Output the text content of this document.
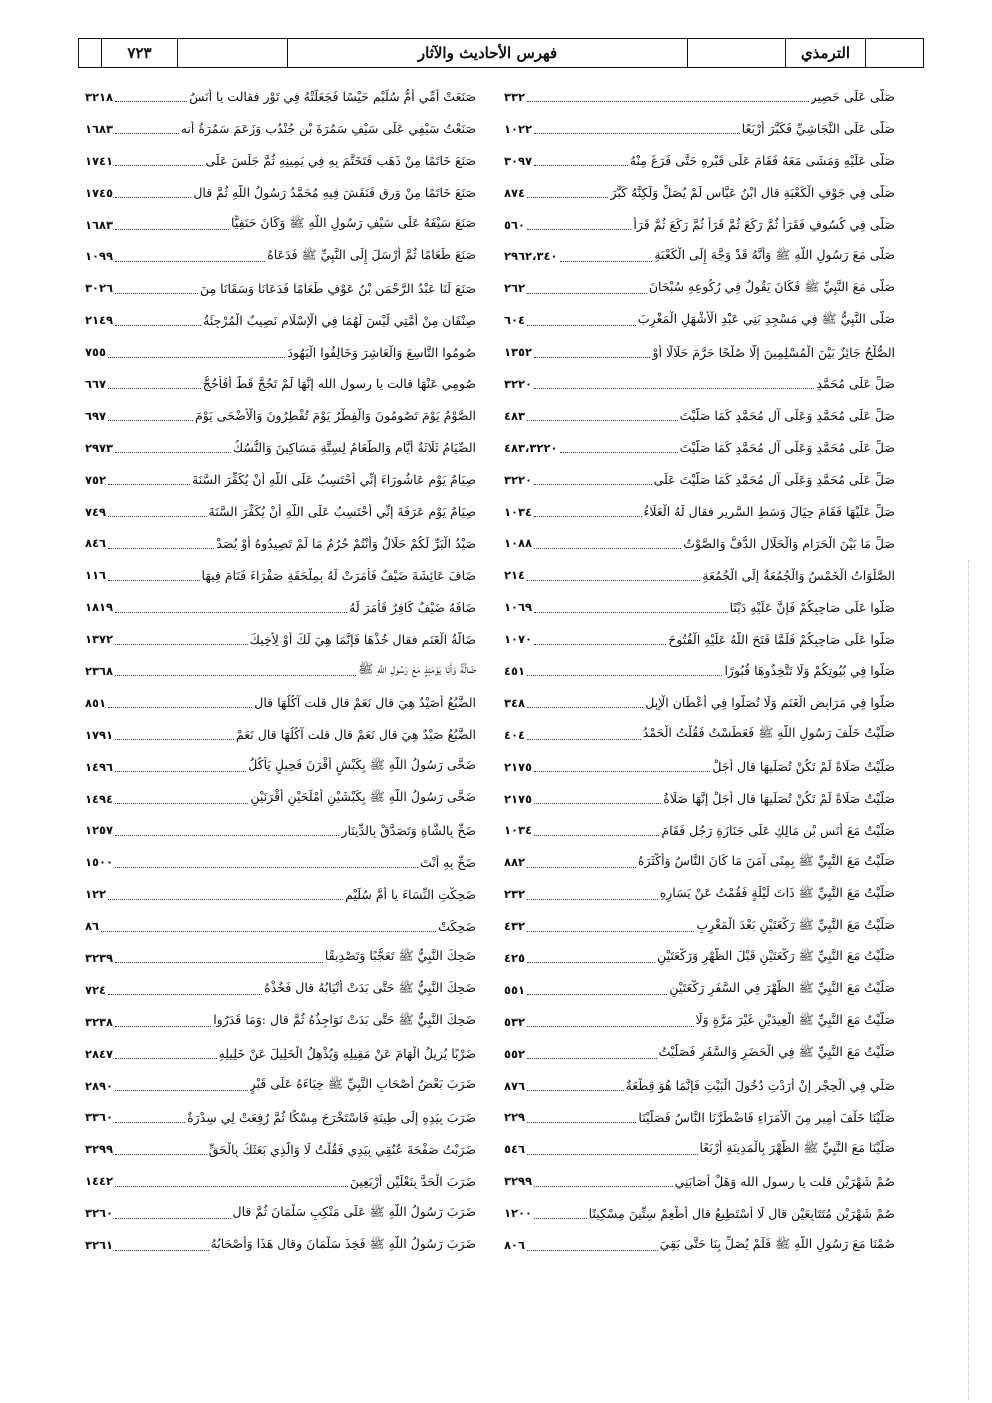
الترمذي
فهرس الأحاديث والآثار
٧٢٣
صَلَّى عَلَى حَصِيرٍ
٣٣٢
صَلَّى عَلَى النَّجَاشِيِّ فَكَبَّرَ أَرْبَعًا
١٠٢٢
صَلَّى عَلَيْهِ وَمَشَى مَعَهُ فَقَامَ عَلَى قَبْرِهِ حَتَّى فَرَغَ مِنْهُ
٣٠٩٧
صَلَّى فِي جَوْفِ الْكَعْبَةِ قال ابْنُ عَبَّاسٍ لَمْ يُصَلِّ وَلَكِنَّهُ كَبَّرَ
٨٧٤
صَلَّى فِي كُسُوفٍ فَقَرَأَ ثُمَّ رَكَعَ ثُمَّ قَرَأَ ثُمَّ رَكَعَ ثُمَّ قَرَأَ
٥٦٠
صَلَّى مَعَ رَسُولِ اللَّهِ ﷺ وَأَنَّهُ قَدْ وَجَّهَ إِلَى الْكَعْبَةِ
٢٩٦٢،٣٤٠
صَلَّى مَعَ النَّبِيِّ ﷺ فَكَانَ يَقُولُ فِي رُكُوعِهِ سُبْحَانَ
٢٦٢
صَلَّى النَّبِيُّ ﷺ فِي مَسْجِدِ بَنِي عَبْدِ الْأَشْهَلِ الْمَغْرِبَ
٦٠٤
الصُّلْحُ جَائِزٌ بَيْنَ الْمُسْلِمِينَ إِلَّا صُلْحًا حَرَّمَ حَلَالًا أَوْ
١٣٥٢
صَلِّ عَلَى مُحَمَّدٍ
٣٢٢٠
صَلِّ عَلَى مُحَمَّدٍ وَعَلَى آلِ مُحَمَّدٍ كَمَا صَلَّيْتَ
٤٨٣
صَلِّ عَلَى مُحَمَّدٍ وَعَلَى آلِ مُحَمَّدٍ كَمَا صَلَّيْتَ
٤٨٣،٣٢٢٠
صَلِّ عَلَى مُحَمَّدٍ وَعَلَى آلِ مُحَمَّدٍ كَمَا صَلَّيْتَ عَلَى
٣٢٢٠
صَلِّ عَلَيْهَا فَقَامَ حِيَالَ وَسَطِ السَّرِيرِ فقال لَهُ الْعَلَاءُ
١٠٣٤
صَلِّ مَا بَيْنَ الْحَرَامِ وَالْحَلَالِ الدُّفُّ وَالصَّوْتُ
١٠٨٨
الصَّلَوَاتُ الْخَمْسُ وَالْجُمُعَةُ إِلَى الْجُمُعَةِ
٢١٤
صَلُّوا عَلَى صَاحِبِكُمْ فَإِنَّ عَلَيْهِ دَيْنًا
١٠٦٩
صَلُّوا عَلَى صَاحِبِكُمْ فَلَمَّا فَتَحَ اللَّهُ عَلَيْهِ الْفُتُوحَ
١٠٧٠
صَلُّوا فِي بُيُوتِكُمْ وَلَا تَتَّخِذُوهَا قُبُورًا
٤٥١
صَلُّوا فِي مَرَابِضِ الْغَنَمِ وَلَا تُصَلُّوا فِي أَعْطَانِ الْإِبِلِ
٣٤٨
صَلَّيْتُ خَلْفَ رَسُولِ اللَّهِ ﷺ فَعَطَسْتُ فَقُلْتُ الْحَمْدُ
٤٠٤
صَلَّيْتُ صَلَاةً لَمْ تَكُنْ تُصَلِّيهَا قال أَجَلْ
٢١٧٥
صَلَّيْتُ صَلَاةً لَمْ تَكُنْ تُصَلِّيهَا قال أَجَلْ إِنَّهَا صَلَاةُ
٢١٧٥
صَلَّيْتُ مَعَ أَنَسِ بْنِ مَالِكٍ عَلَى جَنَازَةِ رَجُلٍ فَقَامَ
١٠٣٤
صَلَّيْتُ مَعَ النَّبِيِّ ﷺ بِمِنًى آمَنَ مَا كَانَ النَّاسُ وَأَكْثَرَهُ
٨٨٢
صَلَّيْتُ مَعَ النَّبِيِّ ﷺ ذَاتَ لَيْلَةٍ فَقُمْتُ عَنْ يَسَارِهِ
٢٣٢
صَلَّيْتُ مَعَ النَّبِيِّ ﷺ رَكْعَتَيْنِ بَعْدَ الْمَغْرِبِ
٤٣٢
صَلَّيْتُ مَعَ النَّبِيِّ ﷺ رَكْعَتَيْنِ قَبْلَ الظُّهْرِ وَرَكْعَتَيْنِ
٤٢٥
صَلَّيْتُ مَعَ النَّبِيِّ ﷺ الظُّهْرَ فِي السَّفَرِ رَكْعَتَيْنِ
٥٥١
صَلَّيْتُ مَعَ النَّبِيِّ ﷺ الْعِيدَيْنِ غَيْرَ مَرَّةٍ وَلَا
٥٣٢
صَلَّيْتُ مَعَ النَّبِيِّ ﷺ فِي الْحَضَرِ وَالسَّفَرِ فَصَلَّيْتُ
٥٥٢
صَلِّي فِي الْحِجْرِ إِنْ أَرَدْتِ دُخُولَ الْبَيْتِ فَإِنَّمَا هُوَ قِطْعَةٌ
٨٧٦
صَلَّيْنَا خَلْفَ أَمِيرٍ مِنَ الْأُمَرَاءِ فَاضْطَرَّنَا النَّاسُ فَصَلَّيْنَا
٢٢٩
صَلَّيْنَا مَعَ النَّبِيِّ ﷺ الظُّهْرَ بِالْمَدِينَةِ أَرْبَعًا
٥٤٦
صُمْ شَهْرَيْنِ قلت يا رسول الله وَهَلْ أَصَابَنِي
٣٢٩٩
صُمْ شَهْرَيْنِ مُتَتَابِعَيْنِ قال لَا أَسْتَطِيعُ قال أَطْعِمْ سِتِّينَ مِسْكِينًا
١٢٠٠
صُمْنَا مَعَ رَسُولِ اللَّهِ ﷺ فَلَمْ يُصَلِّ بِنَا حَتَّى بَقِيَ
٨٠٦
صَنَعَتْ أُمِّي أُمُّ سُلَيْمٍ حَيْسًا فَجَعَلَتْهُ فِي تَوْرٍ فقالت يا أَنَسُ
٣٢١٨
صَنَعْتُ سَيْفِي عَلَى سَيْفِ سَمُرَةَ بْنِ جُنْدُبٍ وَزَعَمَ سَمُرَةُ أنه
١٦٨٣
صَنَعَ خَاتَمًا مِنْ ذَهَبٍ فَتَخَتَّمَ بِهِ فِي يَمِينِهِ ثُمَّ جَلَسَ عَلَى
١٧٤١
صَنَعَ خَاتَمًا مِنْ وَرِقٍ فَنَقَشَ فِيهِ مُحَمَّدٌ رَسُولُ اللَّهِ ثُمَّ قال
١٧٤٥
صَنَعَ سَيْفَهُ عَلَى سَيْفِ رَسُولِ اللَّهِ ﷺ وَكَانَ حَنَفِيًّا
١٦٨٣
صَنَعَ طَعَامًا ثُمَّ أَرْسَلَ إِلَى النَّبِيِّ ﷺ فَدَعَاهُ
١٠٩٩
صَنَعَ لَنَا عَبْدُ الرَّحْمَنِ بْنُ عَوْفٍ طَعَامًا فَدَعَانَا وَسَقَانَا مِنَ
٣٠٢٦
صِنْفَانِ مِنْ أُمَّتِي لَيْسَ لَهُمَا فِي الْإِسْلَامِ نَصِيبٌ الْمُرْجِئَةُ
٢١٤٩
صُومُوا التَّاسِعَ وَالْعَاشِرَ وَخَالِفُوا الْيَهُودَ
٧٥٥
صُومِي عَنْهَا قالت يا رسول الله إِنَّهَا لَمْ تَحُجَّ قَطُّ أَفَأَحُجُّ
٦٦٧
الصَّوْمُ يَوْمَ تَصُومُونَ وَالْفِطْرُ يَوْمَ تُفْطِرُونَ وَالْأَضْحَى يَوْمَ
٦٩٧
الصِّيَامُ ثَلَاثَةُ أَيَّامٍ وَالطَّعَامُ لِسِتَّةِ مَسَاكِينَ وَالنُّسُكُ
٢٩٧٣
صِيَامُ يَوْمِ عَاشُورَاءَ إِنِّي أَحْتَسِبُ عَلَى اللَّهِ أَنْ يُكَفِّرَ السَّنَةَ
٧٥٢
صِيَامُ يَوْمِ عَرَفَةَ إِنِّي أَحْتَسِبُ عَلَى اللَّهِ أَنْ يُكَفِّرَ السَّنَةَ
٧٤٩
صَيْدُ الْبَرِّ لَكُمْ حَلَالٌ وَأَنْتُمْ حُرُمٌ مَا لَمْ تَصِيدُوهُ أَوْ يُصَدْ
٨٤٦
ضَافَ عَائِشَةَ ضَيْفٌ فَأَمَرَتْ لَهُ بِمِلْحَفَةٍ صَفْرَاءَ فَنَامَ فِيهَا
١١٦
ضَافَهُ ضَيْفٌ كَافِرٌ فَأَمَرَ لَهُ
١٨١٩
ضَالَّةُ الْغَنَمِ فقال خُذْهَا فَإِنَّمَا هِيَ لَكَ أَوْ لِأَخِيكَ
١٣٧٢
ضَالَّةٌ وَأَنَا يَوْمَئِذٍ مَعَ رَسُولِ اللَّهِ ﷺ
٢٣٦٨
الضَّبُعُ أَصَيْدٌ هِيَ قال نَعَمْ قال قلت آكُلُهَا قال
٨٥١
الضَّبُعُ صَيْدٌ هِيَ قال نَعَمْ قال قلت آكُلُهَا قال نَعَمْ
١٧٩١
ضَحَّى رَسُولُ اللَّهِ ﷺ بِكَبْشٍ أَقْرَنَ فَحِيلٍ يَأْكُلُ
١٤٩٦
ضَحَّى رَسُولُ اللَّهِ ﷺ بِكَبْشَيْنِ أَمْلَحَيْنِ أَقْرَنَيْنِ
١٤٩٤
ضَحِّ بِالشَّاةِ وَتَصَدَّقْ بِالدِّينَارِ
١٢٥٧
ضَحِّ بِهِ أَنْتَ
١٥٠٠
ضَحِكْتِ النِّسَاءَ يا أُمَّ سُلَيْمٍ
١٢٢
ضَحِكَتْ
٨٦
ضَحِكَ النَّبِيُّ ﷺ تَعَجُّبًا وَتَصْدِيقًا
٣٢٣٩
ضَحِكَ النَّبِيُّ ﷺ حَتَّى بَدَتْ أَنْيَابُهُ قال فَخُذْهُ
٧٢٤
ضَحِكَ النَّبِيُّ ﷺ حَتَّى بَدَتْ نَوَاجِذُهُ ثُمَّ قال :وَمَا قَدَرُوا
٣٢٣٨
ضَرْبًا يُزِيلُ الْهَامَ عَنْ مَقِيلِهِ وَيُذْهِلُ الْخَلِيلَ عَنْ خَلِيلِهِ
٢٨٤٧
ضَرَبَ بَعْضُ أَصْحَابِ النَّبِيِّ ﷺ خِبَاءَهُ عَلَى قَبْرٍ
٢٨٩٠
ضَرَبَ بِيَدِهِ إِلَى طِينَةٍ فَاسْتَخْرَجَ مِسْكًا ثُمَّ رُفِعَتْ لِي سِدْرَةٌ
٣٣٦٠
ضَرَبْتُ صَفْحَةَ عُنُقِي بِيَدِي فَقُلْتُ لَا وَالَّذِي بَعَثَكَ بِالْحَقِّ
٣٢٩٩
ضَرَبَ الْحَدَّ بِنَعْلَيْنِ أَرْبَعِينَ
١٤٤٢
ضَرَبَ رَسُولُ اللَّهِ ﷺ عَلَى مَنْكِبِ سَلْمَانَ ثُمَّ قال
٣٢٦٠
ضَرَبَ رَسُولُ اللَّهِ ﷺ فَخِذَ سَلْمَانَ وقال هَذَا وَأَصْحَابُهُ
٣٢٦١
